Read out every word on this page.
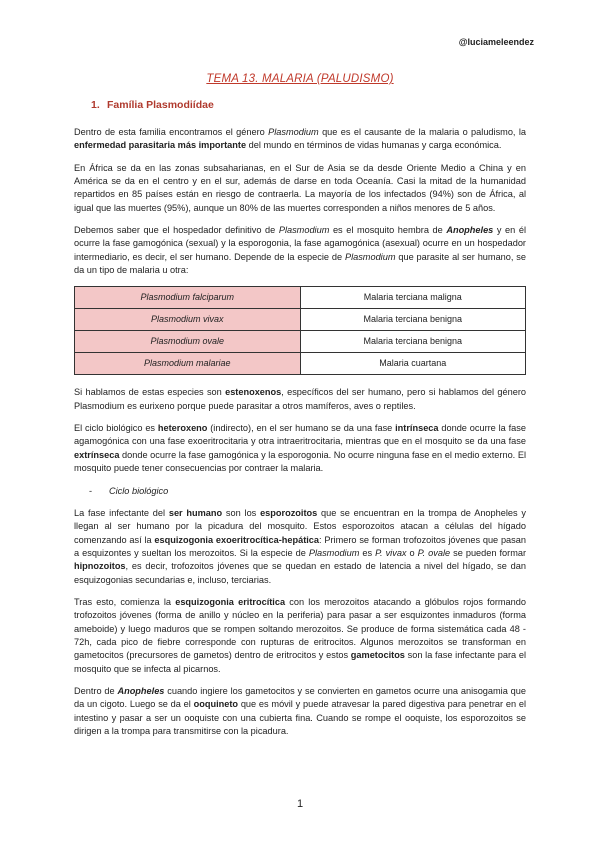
@luciameleendez
TEMA 13. MALARIA (PALUDISMO)
1. Família Plasmodiídae

Dentro de esta familia encontramos el género Plasmodium que es el causante de la malaria o paludismo, la enfermedad parasitaria más importante del mundo en términos de vidas humanas y carga económica.

En África se da en las zonas subsaharianas, en el Sur de Asia se da desde Oriente Medio a China y en América se da en el centro y en el sur, además de darse en toda Oceanía. Casi la mitad de la humanidad repartidos en 85 países están en riesgo de contraerla. La mayoría de los infectados (94%) son de África, al igual que las muertes (95%), aunque un 80% de las muertes corresponden a niños menores de 5 años.

Debemos saber que el hospedador definitivo de Plasmodium es el mosquito hembra de Anopheles y en él ocurre la fase gamogónica (sexual) y la esporogonia, la fase agamogónica (asexual) ocurre en un hospedador intermediario, es decir, el ser humano. Depende de la especie de Plasmodium que parasite al ser humano, se da un tipo de malaria u otra:

Plasmodium falciparum	Malaria terciana maligna
Plasmodium vivax	Malaria terciana benigna
Plasmodium ovale	Malaria terciana benigna
Plasmodium malariae	Malaria cuartana

Si hablamos de estas especies son estenoxenos, específicos del ser humano, pero si hablamos del género Plasmodium es eurixeno porque puede parasitar a otros mamíferos, aves o reptiles.

El ciclo biológico es heteroxeno (indirecto), en el ser humano se da una fase intrínseca donde ocurre la fase agamogónica con una fase exoeritrocitaria y otra intraeritrocitaria, mientras que en el mosquito se da una fase extrínseca donde ocurre la fase gamogónica y la esporogonia. No ocurre ninguna fase en el medio externo. El mosquito puede tener consecuencias por contraer la malaria.

- Ciclo biológico

La fase infectante del ser humano son los esporozoitos que se encuentran en la trompa de Anopheles y llegan al ser humano por la picadura del mosquito. Estos esporozoitos atacan a células del hígado comenzando así la esquizogonia exoeritrocítica-hepática: Primero se forman trofozoitos jóvenes que pasan a esquizontes y sueltan los merozoitos. Si la especie de Plasmodium es P. vivax o P. ovale se pueden formar hipnozoitos, es decir, trofozoitos jóvenes que se quedan en estado de latencia a nivel del hígado, se dan esquizogonias secundarias e, incluso, terciarias.

Tras esto, comienza la esquizogonia eritrocítica con los merozoitos atacando a glóbulos rojos formando trofozoitos jóvenes (forma de anillo y núcleo en la periferia) para pasar a ser esquizontes inmaduros (forma ameboide) y luego maduros que se rompen soltando merozoitos. Se produce de forma sistemática cada 48 - 72h, cada pico de fiebre corresponde con rupturas de eritrocitos. Algunos merozoitos se transforman en gametocitos (precursores de gametos) dentro de eritrocitos y estos gametocitos son la fase infectante para el mosquito que se infecta al picarnos.

Dentro de Anopheles cuando ingiere los gametocitos y se convierten en gametos ocurre una anisogamia que da un cigoto. Luego se da el ooquineto que es móvil y puede atravesar la pared digestiva para penetrar en el intestino y pasar a ser un ooquiste con una cubierta fina. Cuando se rompe el ooquiste, los esporozoitos se dirigen a la trompa para transmitirse con la picadura.

1
